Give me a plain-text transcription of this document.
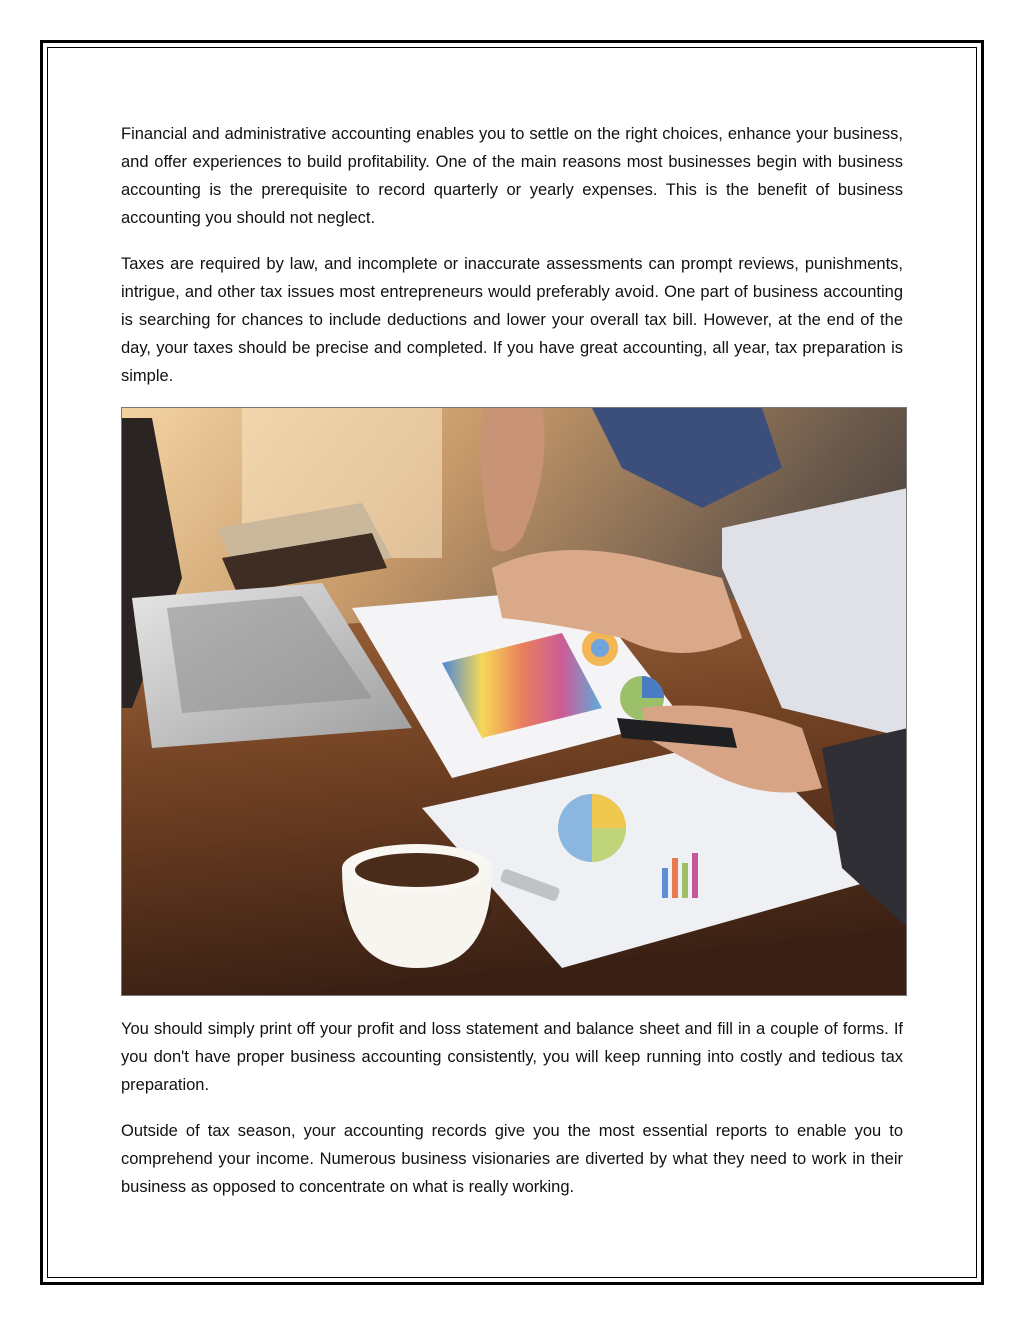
Financial and administrative accounting enables you to settle on the right choices, enhance your business, and offer experiences to build profitability. One of the main reasons most businesses begin with business accounting is the prerequisite to record quarterly or yearly expenses. This is the benefit of business accounting you should not neglect.

Taxes are required by law, and incomplete or inaccurate assessments can prompt reviews, punishments, intrigue, and other tax issues most entrepreneurs would preferably avoid. One part of business accounting is searching for chances to include deductions and lower your overall tax bill. However, at the end of the day, your taxes should be precise and completed. If you have great accounting, all year, tax preparation is simple.

You should simply print off your profit and loss statement and balance sheet and fill in a couple of forms. If you don't have proper business accounting consistently, you will keep running into costly and tedious tax preparation.

Outside of tax season, your accounting records give you the most essential reports to enable you to comprehend your income. Numerous business visionaries are diverted by what they need to work in their business as opposed to concentrate on what is really working.
